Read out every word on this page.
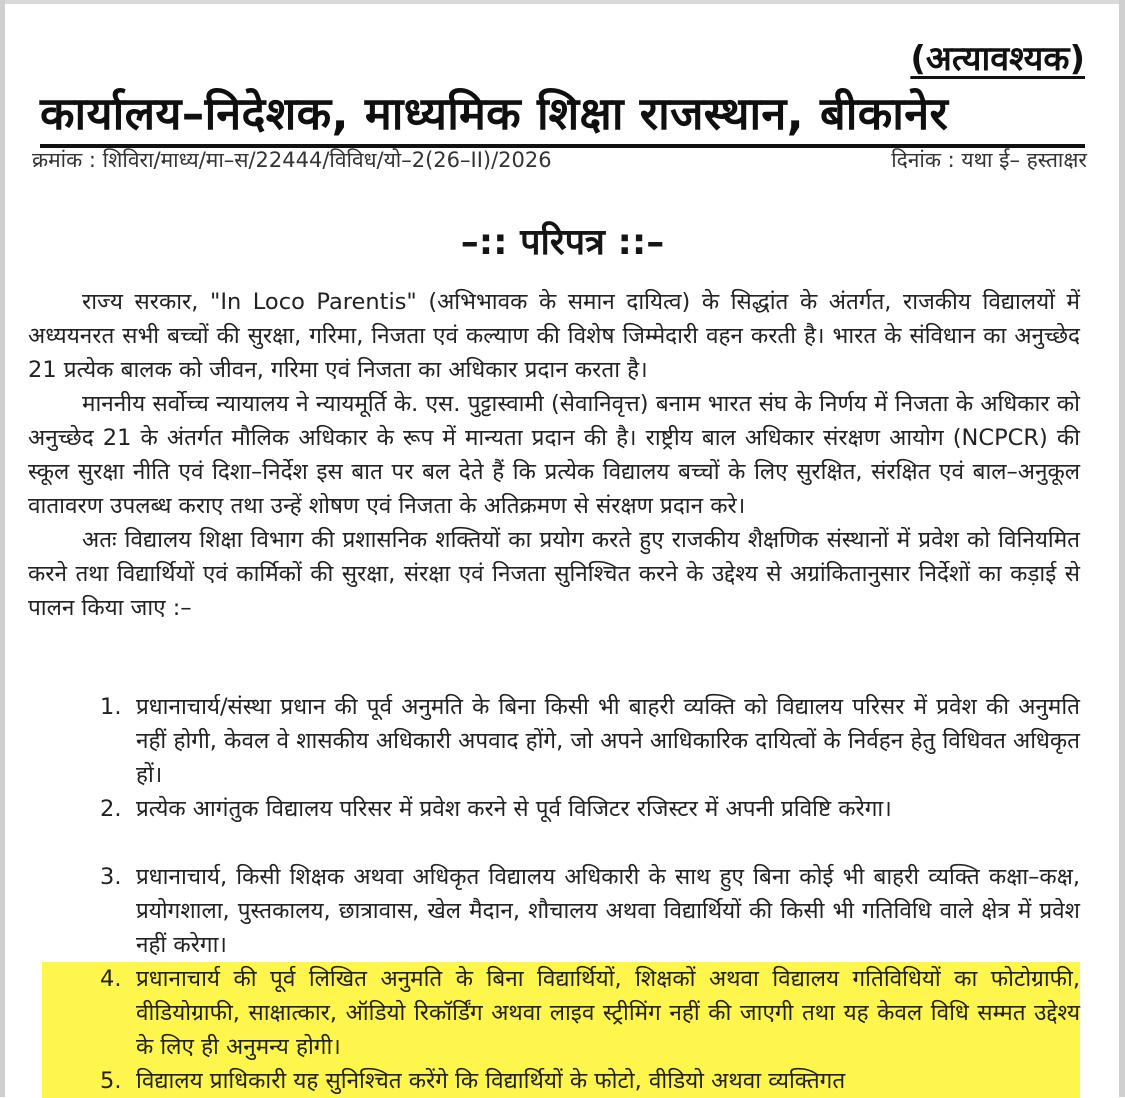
(अत्यावश्यक)
कार्यालय–निदेशक, माध्यमिक शिक्षा राजस्थान, बीकानेर
क्रमांक : शिविरा/माध्य/मा–स/22444/विविध/यो–2(26–II)/2026	दिनांक : यथा ई– हस्ताक्षर
–:: परिपत्र ::–

राज्य सरकार, "In Loco Parentis" (अभिभावक के समान दायित्व) के सिद्धांत के अंतर्गत, राजकीय विद्यालयों में अध्ययनरत सभी बच्चों की सुरक्षा, गरिमा, निजता एवं कल्याण की विशेष जिम्मेदारी वहन करती है। भारत के संविधान का अनुच्छेद 21 प्रत्येक बालक को जीवन, गरिमा एवं निजता का अधिकार प्रदान करता है।

माननीय सर्वोच्च न्यायालय ने न्यायमूर्ति के. एस. पुट्टास्वामी (सेवानिवृत्त) बनाम भारत संघ के निर्णय में निजता के अधिकार को अनुच्छेद 21 के अंतर्गत मौलिक अधिकार के रूप में मान्यता प्रदान की है। राष्ट्रीय बाल अधिकार संरक्षण आयोग (NCPCR) की स्कूल सुरक्षा नीति एवं दिशा–निर्देश इस बात पर बल देते हैं कि प्रत्येक विद्यालय बच्चों के लिए सुरक्षित, संरक्षित एवं बाल–अनुकूल वातावरण उपलब्ध कराए तथा उन्हें शोषण एवं निजता के अतिक्रमण से संरक्षण प्रदान करे।

अतः विद्यालय शिक्षा विभाग की प्रशासनिक शक्तियों का प्रयोग करते हुए राजकीय शैक्षणिक संस्थानों में प्रवेश को विनियमित करने तथा विद्यार्थियों एवं कार्मिकों की सुरक्षा, संरक्षा एवं निजता सुनिश्चित करने के उद्देश्य से अग्रांकितानुसार निर्देशों का कड़ाई से पालन किया जाए :–

1. प्रधानाचार्य/संस्था प्रधान की पूर्व अनुमति के बिना किसी भी बाहरी व्यक्ति को विद्यालय परिसर में प्रवेश की अनुमति नहीं होगी, केवल वे शासकीय अधिकारी अपवाद होंगे, जो अपने आधिकारिक दायित्वों के निर्वहन हेतु विधिवत अधिकृत हों।
2. प्रत्येक आगंतुक विद्यालय परिसर में प्रवेश करने से पूर्व विजिटर रजिस्टर में अपनी प्रविष्टि करेगा।
3. प्रधानाचार्य, किसी शिक्षक अथवा अधिकृत विद्यालय अधिकारी के साथ हुए बिना कोई भी बाहरी व्यक्ति कक्षा–कक्ष, प्रयोगशाला, पुस्तकालय, छात्रावास, खेल मैदान, शौचालय अथवा विद्यार्थियों की किसी भी गतिविधि वाले क्षेत्र में प्रवेश नहीं करेगा।
4. प्रधानाचार्य की पूर्व लिखित अनुमति के बिना विद्यार्थियों, शिक्षकों अथवा विद्यालय गतिविधियों का फोटोग्राफी, वीडियोग्राफी, साक्षात्कार, ऑडियो रिकॉर्डिंग अथवा लाइव स्ट्रीमिंग नहीं की जाएगी तथा यह केवल विधि सम्मत उद्देश्य के लिए ही अनुमन्य होगी।
5. विद्यालय प्राधिकारी यह सुनिश्चित करेंगे कि विद्यार्थियों के फोटो, वीडियो अथवा व्यक्तिगत
